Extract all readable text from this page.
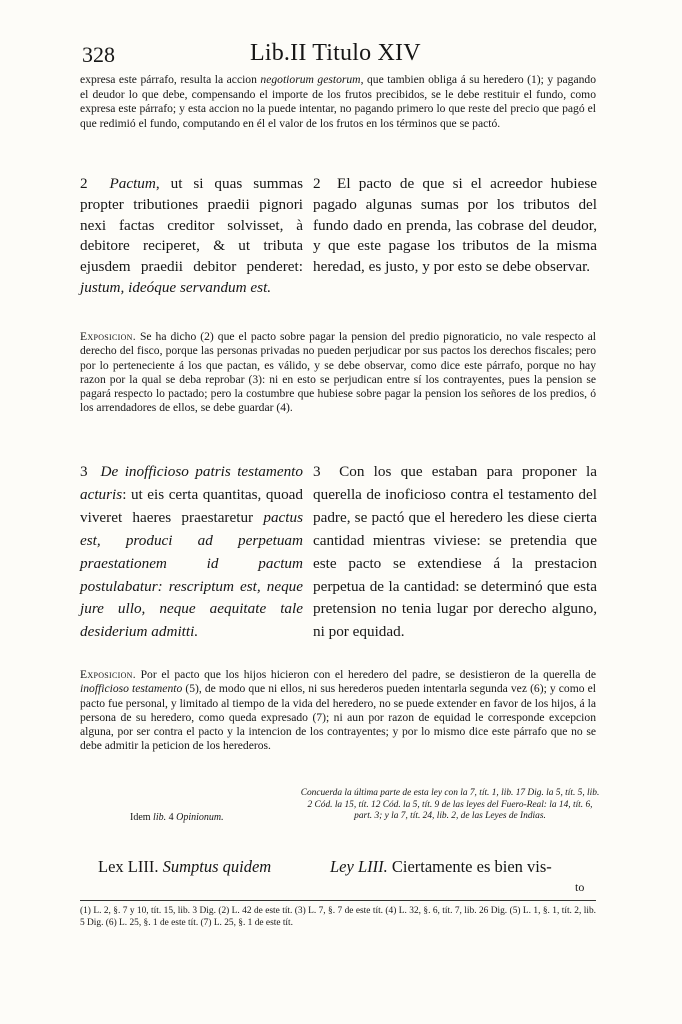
328	Lib.II Titulo XIV

expresa este párrafo, resulta la accion negotiorum gestorum, que tambien obliga á su heredero (1); y pagando el deudor lo que debe, compensando el importe de los frutos precibidos, se le debe restituir el fundo, como expresa este párrafo; y esta accion no la puede intentar, no pagando primero lo que reste del precio que pagó el que redimió el fundo, computando en él el valor de los frutos en los términos que se pactó.

2 Pactum, ut si quas summas propter tributiones praedii pignori nexi factas creditor solvisset, à debitore reciperet, & ut tributa ejusdem praedii debitor penderet: justum, ideóque servandum est.

2 El pacto de que si el acreedor hubiese pagado algunas sumas por los tributos del fundo dado en prenda, las cobrase del deudor, y que este pagase los tributos de la misma heredad, es justo, y por esto se debe observar.

Exposicion. Se ha dicho (2) que el pacto sobre pagar la pension del predio pignoraticio, no vale respecto al derecho del fisco, porque las personas privadas no pueden perjudicar por sus pactos los derechos fiscales; pero por lo perteneciente á los que pactan, es válido, y se debe observar, como dice este párrafo, porque no hay razon por la qual se deba reprobar (3): ni en esto se perjudican entre sí los contrayentes, pues la pension se pagará respecto lo pactado; pero la costumbre que hubiese sobre pagar la pension los señores de los predios, ó los arrendadores de ellos, se debe guardar (4).

3 De inofficioso patris testamento acturis: ut eis certa quantitas, quoad viveret haeres praestaretur pactus est, produci ad perpetuam praestationem id pactum postulabatur: rescriptum est, neque jure ullo, neque aequitate tale desiderium admitti.

3 Con los que estaban para proponer la querella de inoficioso contra el testamento del padre, se pactó que el heredero les diese cierta cantidad mientras viviese: se pretendia que este pacto se extendiese á la prestacion perpetua de la cantidad: se determinó que esta pretension no tenia lugar por derecho alguno, ni por equidad.

Exposicion. Por el pacto que los hijos hicieron con el heredero del padre, se desistieron de la querella de inofficioso testamento (5), de modo que ni ellos, ni sus herederos pueden intentarla segunda vez (6); y como el pacto fue personal, y limitado al tiempo de la vida del heredero, no se puede extender en favor de los hijos, á la persona de su heredero, como queda expresado (7); ni aun por razon de equidad le corresponde excepcion alguna, por ser contra el pacto y la intencion de los contrayentes; y por lo mismo dice este párrafo que no se debe admitir la peticion de los herederos.

Concuerda la última parte de esta ley con la 7, tít. 1, lib. 17 Dig. la 5, tít. 5, lib. 2 Cód. la 15, tít. 12 Cód. la 5, tít. 9 de las leyes del Fuero-Real: la 14, tít. 6, part. 3; y la 7, tít. 24, lib. 2, de las Leyes de Indias.

Idem lib. 4 Opinionum.

Lex LIII. Sumptus quidem	Ley LIII. Ciertamente es bien vis-

to

(1) L. 2, §. 7 y 10, tít. 15, lib. 3 Dig. (2) L. 42 de este tít. (3) L. 7, §. 7 de este tít. (4) L. 32, §. 6, tít. 7, lib. 26 Dig. (5) L. 1, §. 1, tít. 2, lib. 5 Dig. (6) L. 25, §. 1 de este tít. (7) L. 25, §. 1 de este tít.
